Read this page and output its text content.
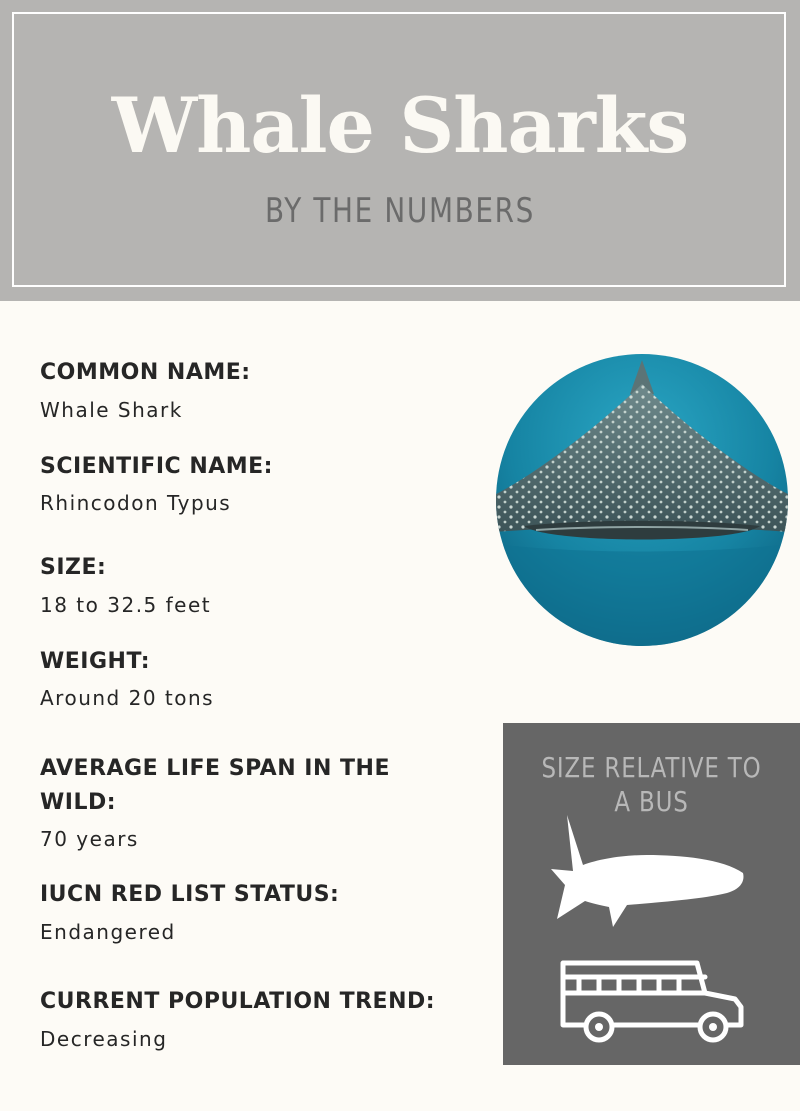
Whale Sharks
BY THE NUMBERS
COMMON NAME:
Whale Shark
SCIENTIFIC NAME:
Rhincodon Typus
SIZE:
18 to 32.5 feet
WEIGHT:
Around 20 tons
AVERAGE LIFE SPAN IN THE WILD:
70 years
IUCN RED LIST STATUS:
Endangered
CURRENT POPULATION TREND:
Decreasing
SIZE RELATIVE TO A BUS
